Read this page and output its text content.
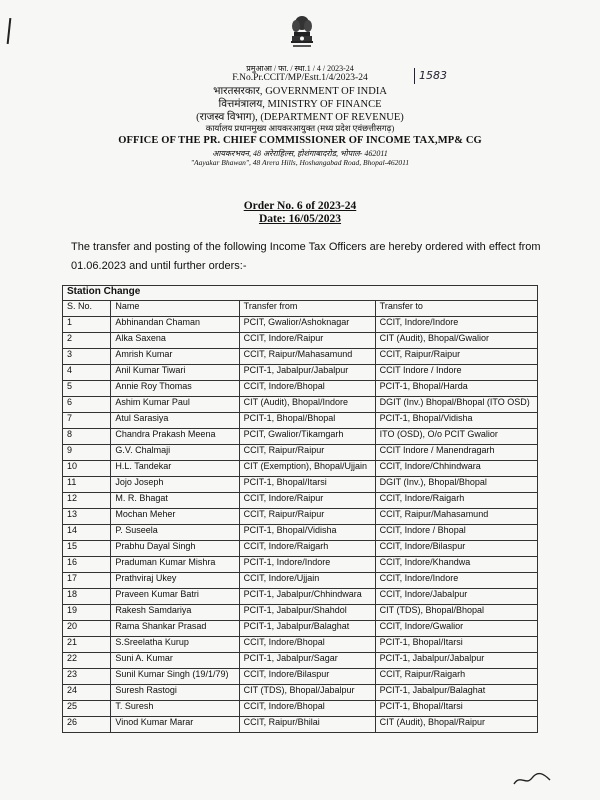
प्रमुआआ / फा. / स्था.1 / 4 / 2023-24
F.No.Pr.CCIT/MP/Estt.1/4/2023-24	1583
भारतसरकार, GOVERNMENT OF INDIA
वित्तमंत्रालय, MINISTRY OF FINANCE
(राजस्व विभाग), (DEPARTMENT OF REVENUE)
कार्यालय प्रधानमुख्य आयकरआयुक्त (मध्य प्रदेश एवंछत्तीसगढ़)
OFFICE OF THE PR. CHIEF COMMISSIONER OF INCOME TAX,MP& CG
आयकरभवन, 48 अरेराहिल्स, होशंगाबादरोड, भोपाल- 462011
"Aayakar Bhawan", 48 Arera Hills, Hoshangabad Road, Bhopal-462011
Order No. 6 of 2023-24
Date: 16/05/2023
The transfer and posting of the following Income Tax Officers are hereby ordered with effect from
01.06.2023 and until further orders:-
Station Change			
S. No.	Name	Transfer from	Transfer to
1	Abhinandan Chaman	PCIT, Gwalior/Ashoknagar	CCIT, Indore/Indore
2	Alka Saxena	CCIT, Indore/Raipur	CIT (Audit), Bhopal/Gwalior
3	Amrish Kumar	CCIT, Raipur/Mahasamund	CCIT, Raipur/Raipur
4	Anil Kumar Tiwari	PCIT-1, Jabalpur/Jabalpur	CCIT Indore / Indore
5	Annie Roy Thomas	CCIT, Indore/Bhopal	PCIT-1, Bhopal/Harda
6	Ashim Kumar Paul	CIT (Audit), Bhopal/Indore	DGIT (Inv.) Bhopal/Bhopal (ITO OSD)
7	Atul Sarasiya	PCIT-1, Bhopal/Bhopal	PCIT-1, Bhopal/Vidisha
8	Chandra Prakash Meena	PCIT, Gwalior/Tikamgarh	ITO (OSD), O/o PCIT Gwalior
9	G.V. Chalmaji	CCIT, Raipur/Raipur	CCIT Indore / Manendragarh
10	H.L. Tandekar	CIT (Exemption), Bhopal/Ujjain	CCIT, Indore/Chhindwara
11	Jojo Joseph	PCIT-1, Bhopal/Itarsi	DGIT (Inv.), Bhopal/Bhopal
12	M. R. Bhagat	CCIT, Indore/Raipur	CCIT, Indore/Raigarh
13	Mochan Meher	CCIT, Raipur/Raipur	CCIT, Raipur/Mahasamund
14	P. Suseela	PCIT-1, Bhopal/Vidisha	CCIT, Indore / Bhopal
15	Prabhu Dayal Singh	CCIT, Indore/Raigarh	CCIT, Indore/Bilaspur
16	Praduman Kumar Mishra	PCIT-1, Indore/Indore	CCIT, Indore/Khandwa
17	Prathviraj Ukey	CCIT, Indore/Ujjain	CCIT, Indore/Indore
18	Praveen Kumar Batri	PCIT-1, Jabalpur/Chhindwara	CCIT, Indore/Jabalpur
19	Rakesh Samdariya	PCIT-1, Jabalpur/Shahdol	CIT (TDS), Bhopal/Bhopal
20	Rama Shankar Prasad	PCIT-1, Jabalpur/Balaghat	CCIT, Indore/Gwalior
21	S.Sreelatha Kurup	CCIT, Indore/Bhopal	PCIT-1, Bhopal/Itarsi
22	Suni A. Kumar	PCIT-1, Jabalpur/Sagar	PCIT-1, Jabalpur/Jabalpur
23	Sunil Kumar Singh (19/1/79)	CCIT, Indore/Bilaspur	CCIT, Raipur/Raigarh
24	Suresh Rastogi	CIT (TDS), Bhopal/Jabalpur	PCIT-1, Jabalpur/Balaghat
25	T. Suresh	CCIT, Indore/Bhopal	PCIT-1, Bhopal/Itarsi
26	Vinod Kumar Marar	CCIT, Raipur/Bhilai	CIT (Audit), Bhopal/Raipur
